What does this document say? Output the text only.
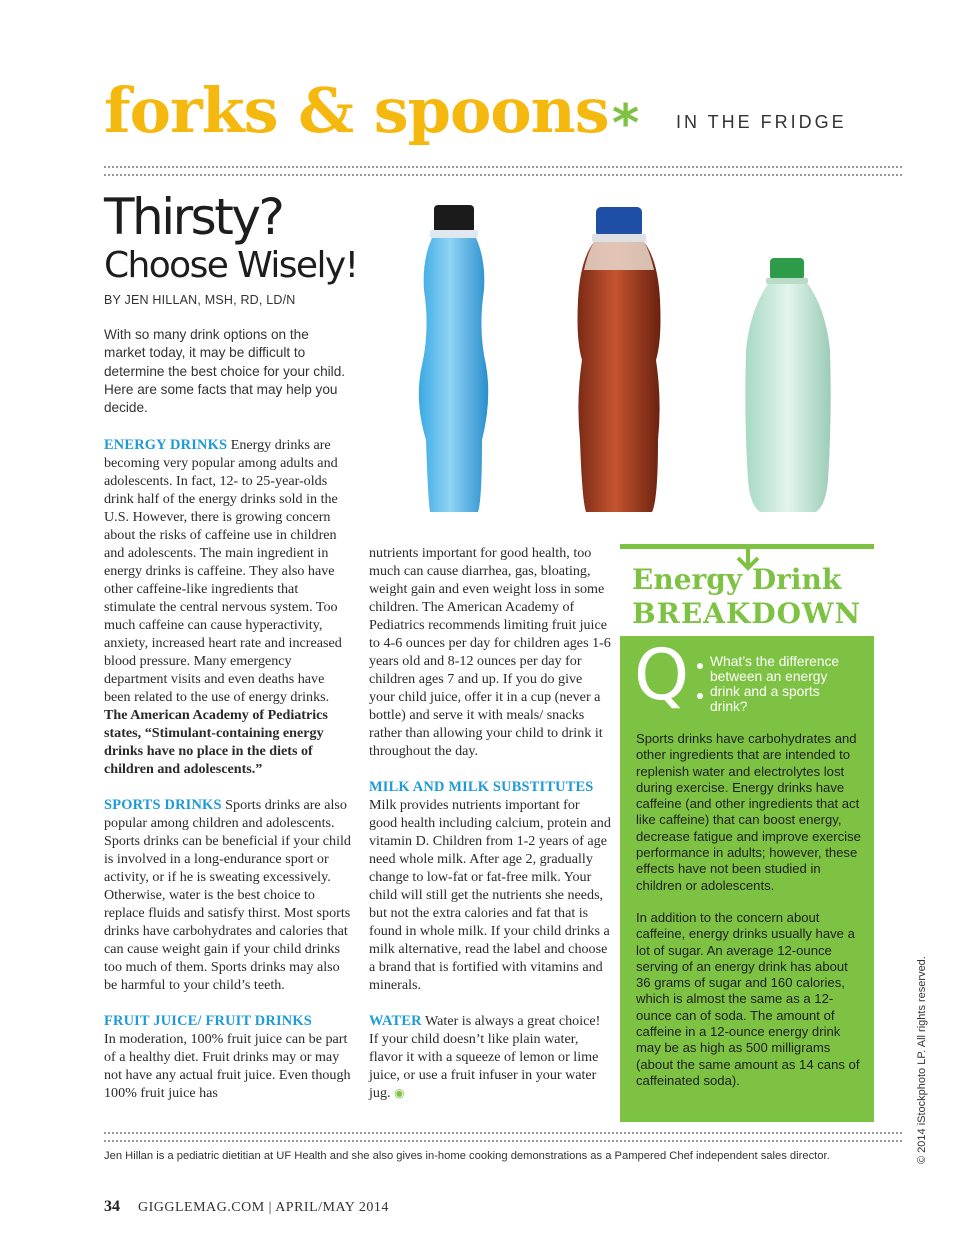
forks & spoons * IN THE FRIDGE
Thirsty?
Choose Wisely!
BY JEN HILLAN, MSH, RD, LD/N

With so many drink options on the market today, it may be difficult to determine the best choice for your child. Here are some facts that may help you decide.

ENERGY DRINKS Energy drinks are becoming very popular among adults and adolescents. In fact, 12- to 25-year-olds drink half of the energy drinks sold in the U.S. However, there is growing concern about the risks of caffeine use in children and adolescents. The main ingredient in energy drinks is caffeine. They also have other caffeine-like ingredients that stimulate the central nervous system. Too much caffeine can cause hyperactivity, anxiety, increased heart rate and increased blood pressure. Many emergency department visits and even deaths have been related to the use of energy drinks. The American Academy of Pediatrics states, “Stimulant-containing energy drinks have no place in the diets of children and adolescents.”

SPORTS DRINKS Sports drinks are also popular among children and adolescents. Sports drinks can be beneficial if your child is involved in a long-endurance sport or activity, or if he is sweating excessively. Otherwise, water is the best choice to replace fluids and satisfy thirst. Most sports drinks have carbohydrates and calories that can cause weight gain if your child drinks too much of them. Sports drinks may also be harmful to your child’s teeth.

FRUIT JUICE/ FRUIT DRINKS
In moderation, 100% fruit juice can be part of a healthy diet. Fruit drinks may or may not have any actual fruit juice. Even though 100% fruit juice has

nutrients important for good health, too much can cause diarrhea, gas, bloating, weight gain and even weight loss in some children. The American Academy of Pediatrics recommends limiting fruit juice to 4-6 ounces per day for children ages 1-6 years old and 8-12 ounces per day for children ages 7 and up. If you do give your child juice, offer it in a cup (never a bottle) and serve it with meals/ snacks rather than allowing your child to drink it throughout the day.

MILK AND MILK SUBSTITUTES
Milk provides nutrients important for good health including calcium, protein and vitamin D. Children from 1-2 years of age need whole milk. After age 2, gradually change to low-fat or fat-free milk. Your child will still get the nutrients she needs, but not the extra calories and fat that is found in whole milk. If your child drinks a milk alternative, read the label and choose a brand that is fortified with vitamins and minerals.

WATER Water is always a great choice! If your child doesn’t like plain water, flavor it with a squeeze of lemon or lime juice, or use a fruit infuser in your water jug. ◉

Energy Drink
BREAKDOWN
Q What’s the difference between an energy drink and a sports drink?

Sports drinks have carbohydrates and other ingredients that are intended to replenish water and electrolytes lost during exercise. Energy drinks have caffeine (and other ingredients that act like caffeine) that can boost energy, decrease fatigue and improve exercise performance in adults; however, these effects have not been studied in children or adolescents.

In addition to the concern about caffeine, energy drinks usually have a lot of sugar. An average 12-ounce serving of an energy drink has about 36 grams of sugar and 160 calories, which is almost the same as a 12-ounce can of soda. The amount of caffeine in a 12-ounce energy drink may be as high as 500 milligrams (about the same amount as 14 cans of caffeinated soda).

Jen Hillan is a pediatric dietitian at UF Health and she also gives in-home cooking demonstrations as a Pampered Chef independent sales director.
34 GIGGLEMAG.COM | APRIL/MAY 2014
© 2014 iStockphoto LP. All rights reserved.
